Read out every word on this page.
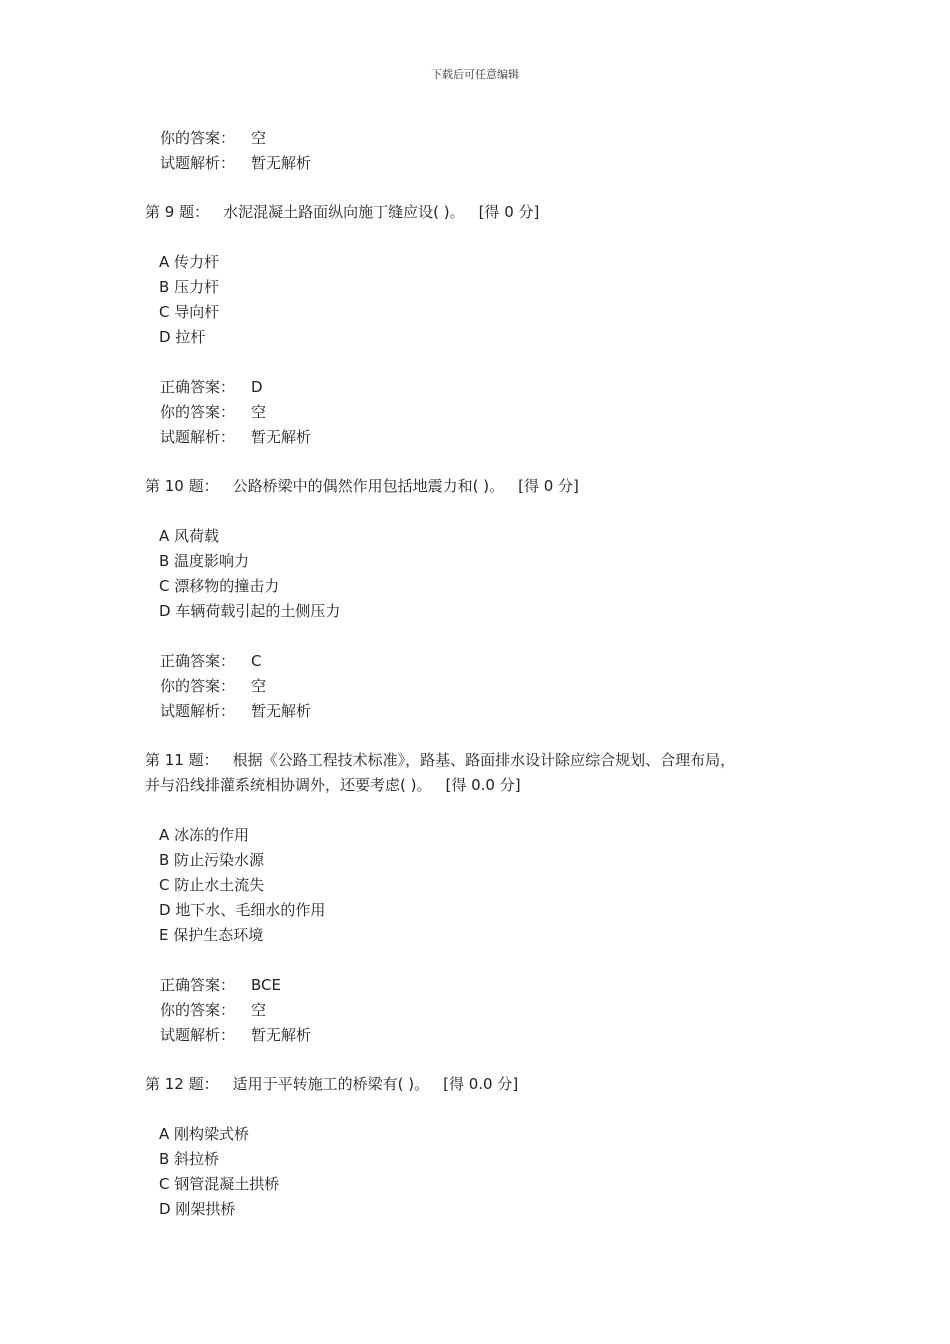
下载后可任意编辑
你的答案： 空
试题解析： 暂无解析
第 9 题： 水泥混凝土路面纵向施丁缝应设( )。 [得 0 分]
A 传力杆
B 压力杆
C 导向杆
D 拉杆
正确答案： D
你的答案： 空
试题解析： 暂无解析
第 10 题： 公路桥梁中的偶然作用包括地震力和( )。 [得 0 分]
A 风荷载
B 温度影响力
C 漂移物的撞击力
D 车辆荷载引起的土侧压力
正确答案： C
你的答案： 空
试题解析： 暂无解析
第 11 题： 根据《公路工程技术标准》，路基、路面排水设计除应综合规划、合理布局，
并与沿线排灌系统相协调外，还要考虑( )。 [得 0.0 分]
A 冰冻的作用
B 防止污染水源
C 防止水土流失
D 地下水、毛细水的作用
E 保护生态环境
正确答案： BCE
你的答案： 空
试题解析： 暂无解析
第 12 题： 适用于平转施工的桥梁有( )。 [得 0.0 分]
A 刚构梁式桥
B 斜拉桥
C 钢管混凝土拱桥
D 刚架拱桥
